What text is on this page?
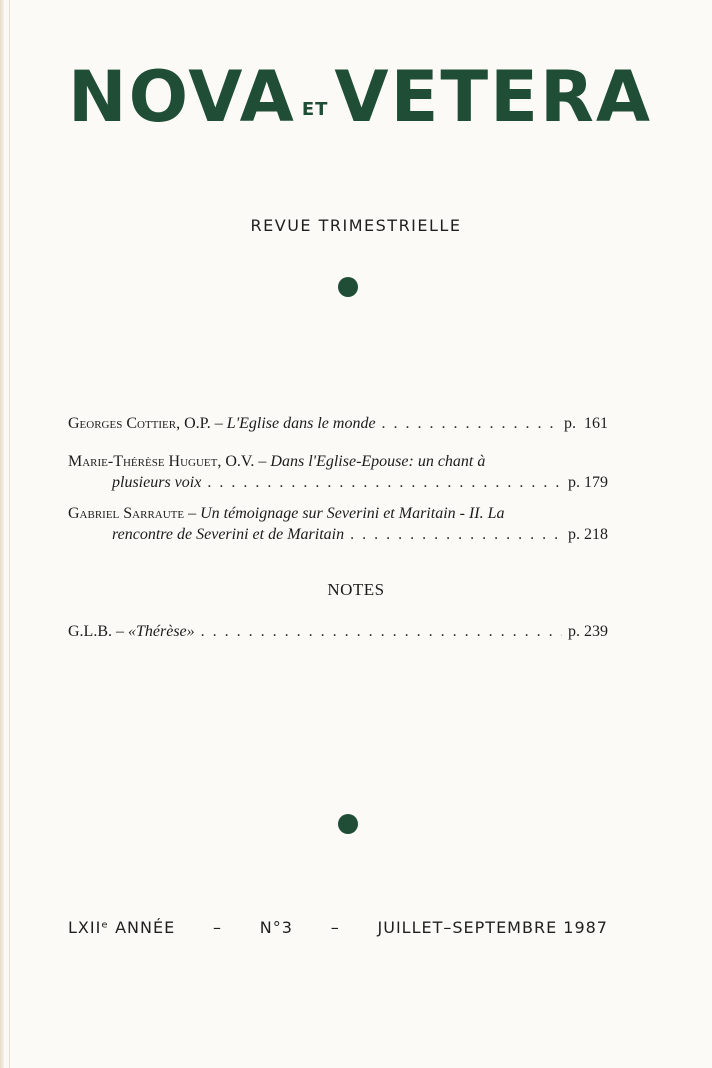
NOVA ETVETERA
REVUE TRIMESTRIELLE
Georges Cottier , O.P. – L'Eglise dans le monde . . .	p.  161
Marie-Thérèse Huguet , O.V. – Dans l'Eglise-Epouse: un chant à
plusieurs voix . . .	p. 179
Gabriel Sarraute – Un témoignage sur Severini et Maritain - II. La
rencontre de Severini et de Maritain . . .	p. 218
NOTES
G.L.B. – «Thérèse» . . .	p. 239
LXIIᵉ ANNÉE – N°3 – JUILLET–SEPTEMBRE 1987
